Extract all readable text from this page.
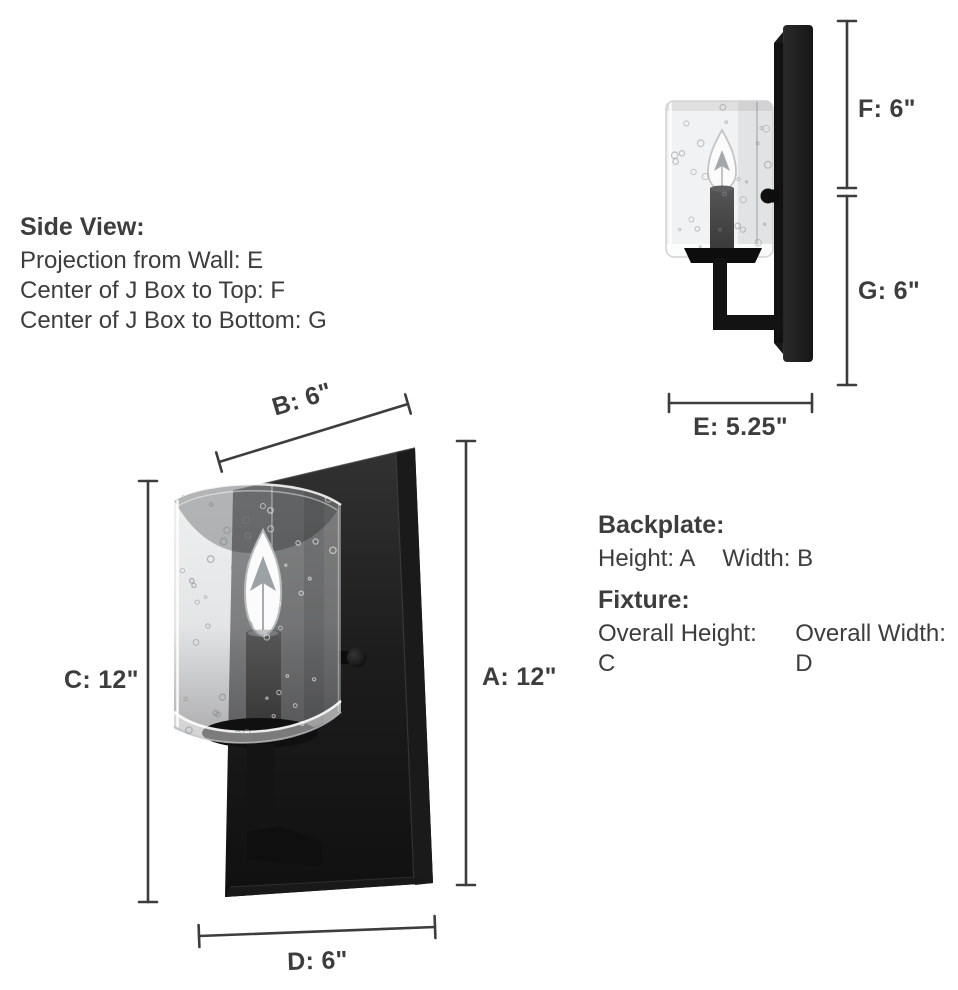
Side View:
Projection from Wall: E
Center of J Box to Top: F
Center of J Box to Bottom: G
Backplate:
Height: A Width: B
Fixture:
Overall Height: C
Overall Width: D
F: 6"
G: 6"
E: 5.25"
B: 6"
C: 12"	A: 12"
D: 6"
